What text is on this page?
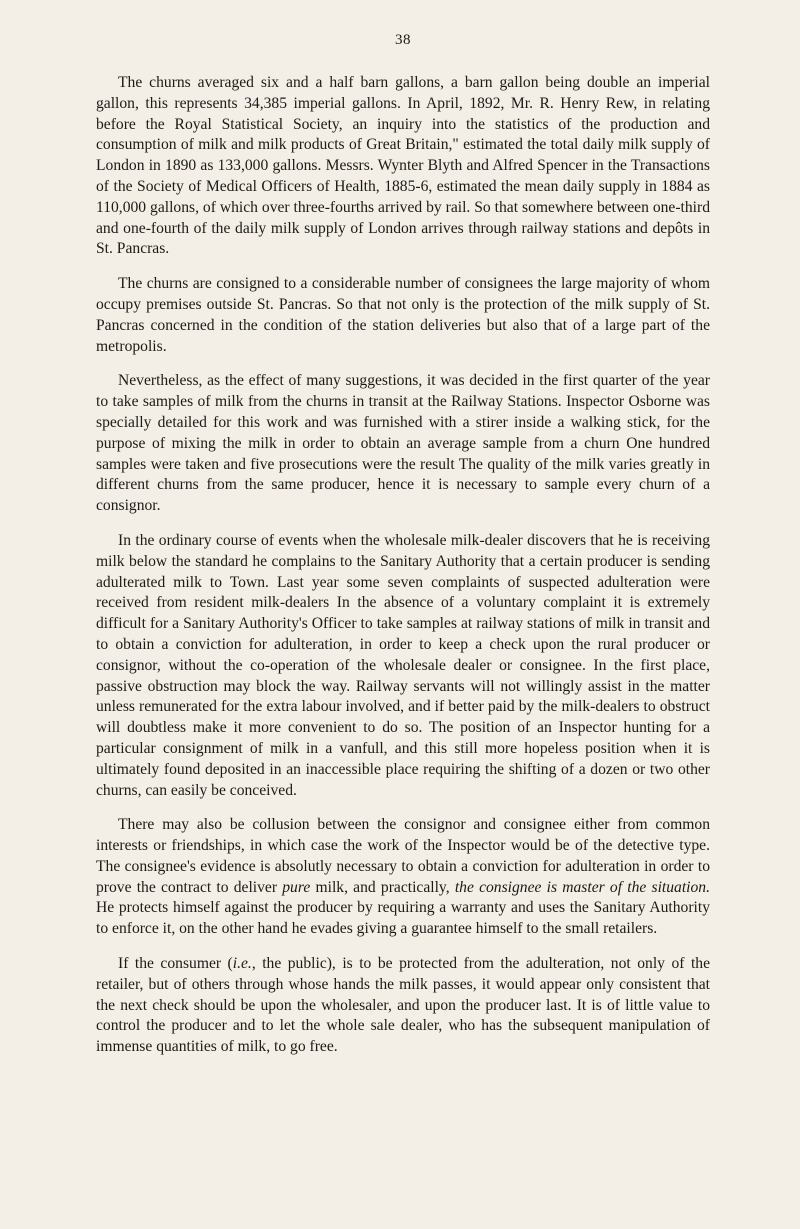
38

The churns averaged six and a half barn gallons, a barn gallon being double an imperial gallon, this represents 34,385 imperial gallons. In April, 1892, Mr. R. Henry Rew, in relating before the Royal Statistical Society, an inquiry into the statistics of the production and consumption of milk and milk products of Great Britain," estimated the total daily milk supply of London in 1890 as 133,000 gallons. Messrs. Wynter Blyth and Alfred Spencer in the Transactions of the Society of Medical Officers of Health, 1885-6, estimated the mean daily supply in 1884 as 110,000 gallons, of which over three-fourths arrived by rail. So that somewhere between one-third and one-fourth of the daily milk supply of London arrives through railway stations and depôts in St. Pancras.

The churns are consigned to a considerable number of consignees the large majority of whom occupy premises outside St. Pancras. So that not only is the protection of the milk supply of St. Pancras concerned in the condition of the station deliveries but also that of a large part of the metropolis.

Nevertheless, as the effect of many suggestions, it was decided in the first quarter of the year to take samples of milk from the churns in transit at the Railway Stations. Inspector Osborne was specially detailed for this work and was furnished with a stirer inside a walking stick, for the purpose of mixing the milk in order to obtain an average sample from a churn One hundred samples were taken and five prosecutions were the result The quality of the milk varies greatly in different churns from the same producer, hence it is necessary to sample every churn of a consignor.

In the ordinary course of events when the wholesale milk-dealer discovers that he is receiving milk below the standard he complains to the Sanitary Authority that a certain producer is sending adulterated milk to Town. Last year some seven complaints of suspected adulteration were received from resident milk-dealers In the absence of a voluntary complaint it is extremely difficult for a Sanitary Authority's Officer to take samples at railway stations of milk in transit and to obtain a conviction for adulteration, in order to keep a check upon the rural producer or consignor, without the co-operation of the wholesale dealer or consignee. In the first place, passive obstruction may block the way. Railway servants will not willingly assist in the matter unless remunerated for the extra labour involved, and if better paid by the milk-dealers to obstruct will doubtless make it more convenient to do so. The position of an Inspector hunting for a particular consignment of milk in a vanfull, and this still more hopeless position when it is ultimately found deposited in an inaccessible place requiring the shifting of a dozen or two other churns, can easily be conceived.

There may also be collusion between the consignor and consignee either from common interests or friendships, in which case the work of the Inspector would be of the detective type. The consignee's evidence is absolutly necessary to obtain a conviction for adulteration in order to prove the contract to deliver pure milk, and practically, the consignee is master of the situation. He protects himself against the producer by requiring a warranty and uses the Sanitary Authority to enforce it, on the other hand he evades giving a guarantee himself to the small retailers.

If the consumer (i.e., the public), is to be protected from the adulteration, not only of the retailer, but of others through whose hands the milk passes, it would appear only consistent that the next check should be upon the wholesaler, and upon the producer last. It is of little value to control the producer and to let the whole sale dealer, who has the subsequent manipulation of immense quantities of milk, to go free.
